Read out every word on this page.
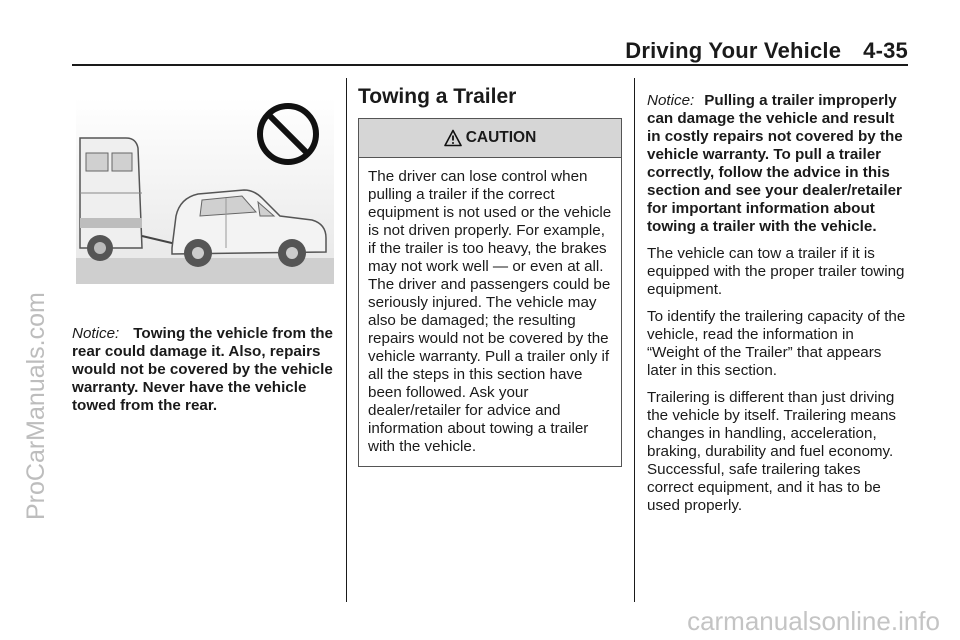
Driving Your Vehicle 4-35
ProCarManuals.com
carmanualsonline.info
Notice: Towing the vehicle from the rear could damage it. Also, repairs would not be covered by the vehicle warranty. Never have the vehicle towed from the rear.
Towing a Trailer
CAUTION
The driver can lose control when pulling a trailer if the correct equipment is not used or the vehicle is not driven properly. For example, if the trailer is too heavy, the brakes may not work well — or even at all. The driver and passengers could be seriously injured. The vehicle may also be damaged; the resulting repairs would not be covered by the vehicle warranty. Pull a trailer only if all the steps in this section have been followed. Ask your dealer/retailer for advice and information about towing a trailer with the vehicle.
Notice: Pulling a trailer improperly can damage the vehicle and result in costly repairs not covered by the vehicle warranty. To pull a trailer correctly, follow the advice in this section and see your dealer/retailer for important information about towing a trailer with the vehicle.

The vehicle can tow a trailer if it is equipped with the proper trailer towing equipment.

To identify the trailering capacity of the vehicle, read the information in “Weight of the Trailer” that appears later in this section.

Trailering is different than just driving the vehicle by itself. Trailering means changes in handling, acceleration, braking, durability and fuel economy. Successful, safe trailering takes correct equipment, and it has to be used properly.
